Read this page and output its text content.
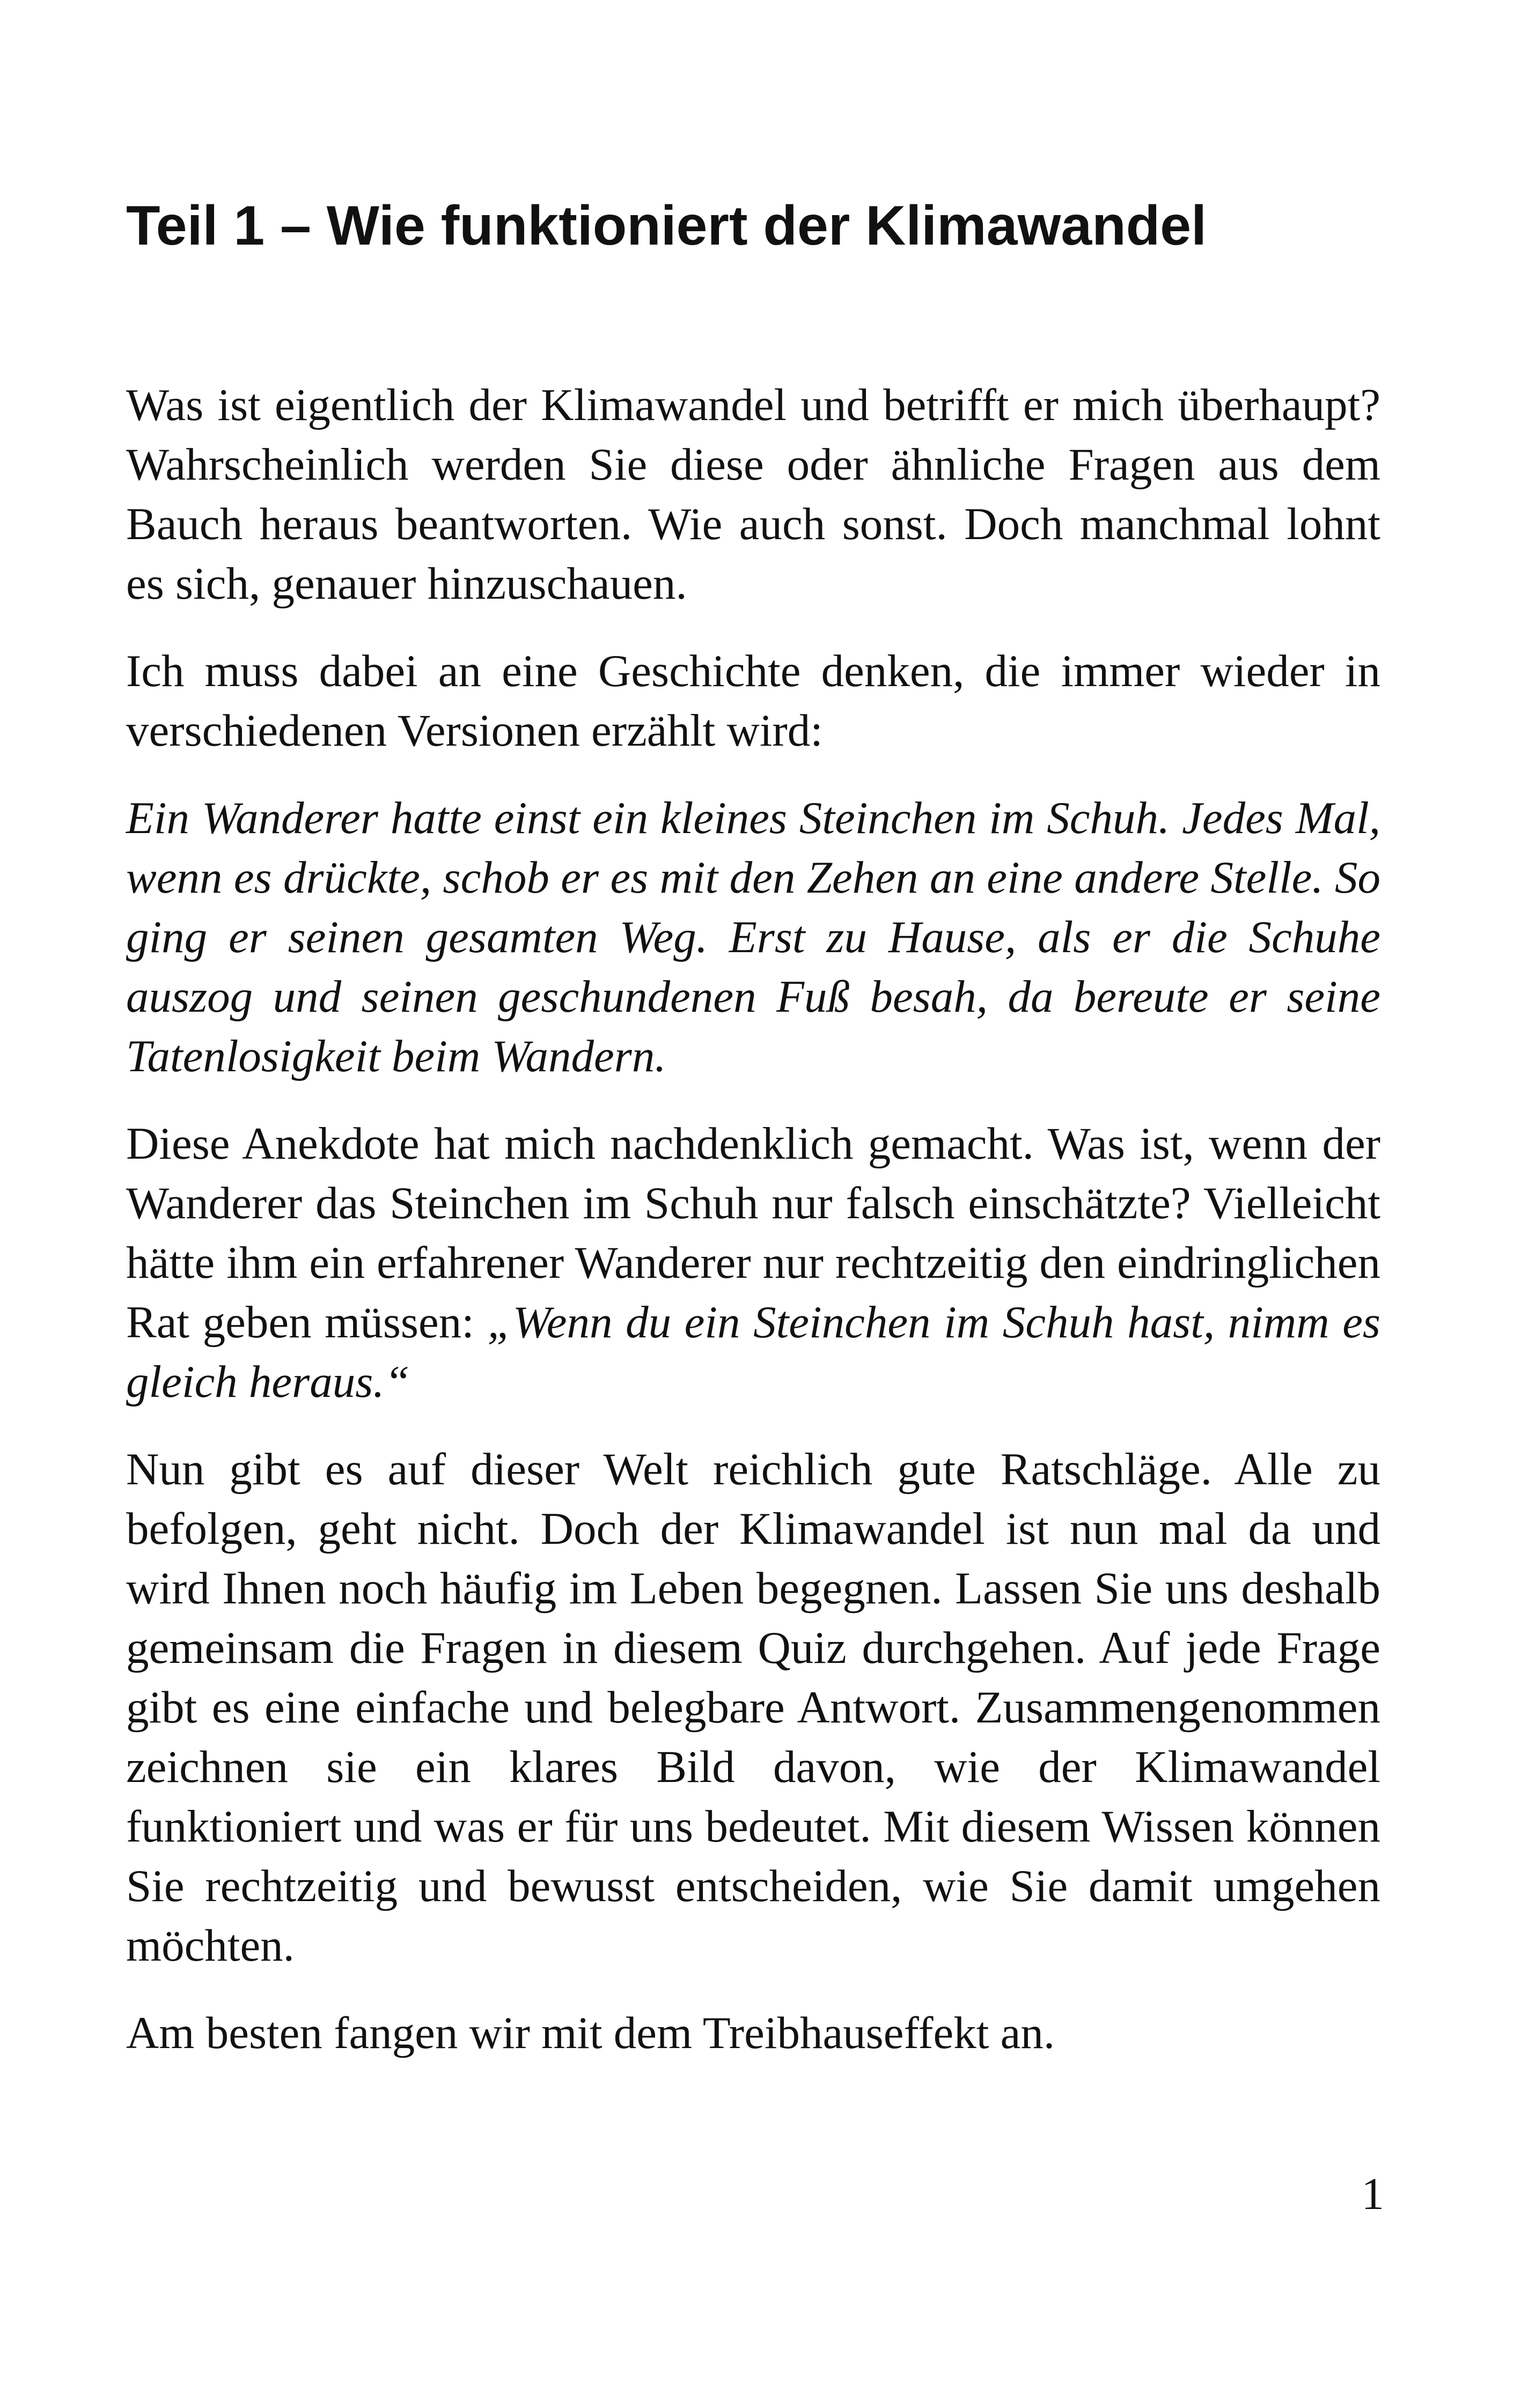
Teil 1 – Wie funktioniert der Klimawandel

Was ist eigentlich der Klimawandel und betrifft er mich überhaupt? Wahrscheinlich werden Sie diese oder ähnliche Fragen aus dem Bauch heraus beantworten. Wie auch sonst. Doch manchmal lohnt es sich, genauer hinzuschauen.

Ich muss dabei an eine Geschichte denken, die immer wieder in verschiedenen Versionen erzählt wird:

Ein Wanderer hatte einst ein kleines Steinchen im Schuh. Jedes Mal, wenn es drückte, schob er es mit den Zehen an eine andere Stelle. So ging er seinen gesamten Weg. Erst zu Hause, als er die Schuhe auszog und seinen geschundenen Fuß besah, da bereute er seine Tatenlosigkeit beim Wandern.

Diese Anekdote hat mich nachdenklich gemacht. Was ist, wenn der Wanderer das Steinchen im Schuh nur falsch einschätzte? Vielleicht hätte ihm ein erfahrener Wanderer nur rechtzeitig den eindringlichen Rat geben müssen: „Wenn du ein Steinchen im Schuh hast, nimm es gleich heraus.“

Nun gibt es auf dieser Welt reichlich gute Ratschläge. Alle zu befolgen, geht nicht. Doch der Klimawandel ist nun mal da und wird Ihnen noch häufig im Leben begegnen. Lassen Sie uns deshalb gemeinsam die Fragen in diesem Quiz durchgehen. Auf jede Frage gibt es eine einfache und belegbare Antwort. Zusammengenommen zeichnen sie ein klares Bild davon, wie der Klimawandel funktioniert und was er für uns bedeutet. Mit diesem Wissen können Sie rechtzeitig und bewusst entscheiden, wie Sie damit umgehen möchten.

Am besten fangen wir mit dem Treibhauseffekt an.

1
